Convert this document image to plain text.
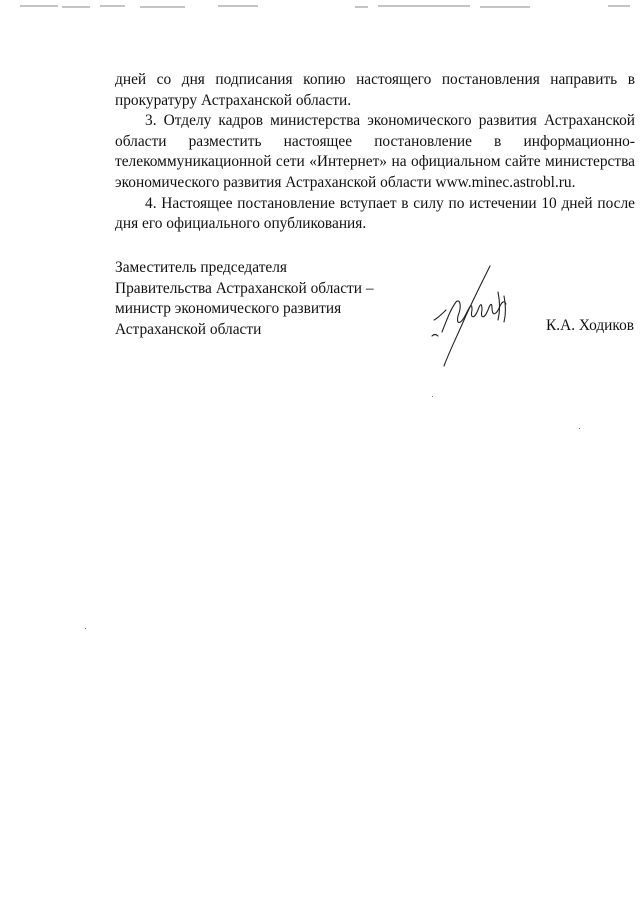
дней со дня подписания копию настоящего постановления направить в
прокуратуру Астраханской области.

3. Отделу кадров министерства экономического развития Астраханской
области разместить настоящее постановление в информационно-
телекоммуникационной сети «Интернет» на официальном сайте министерства
экономического развития Астраханской области www.minec.astrobl.ru.

4. Настоящее постановление вступает в силу по истечении 10 дней после
дня его официального опубликования.

Заместитель председателя
Правительства Астраханской области –
министр экономического развития
Астраханской области	К.А. Ходиков
